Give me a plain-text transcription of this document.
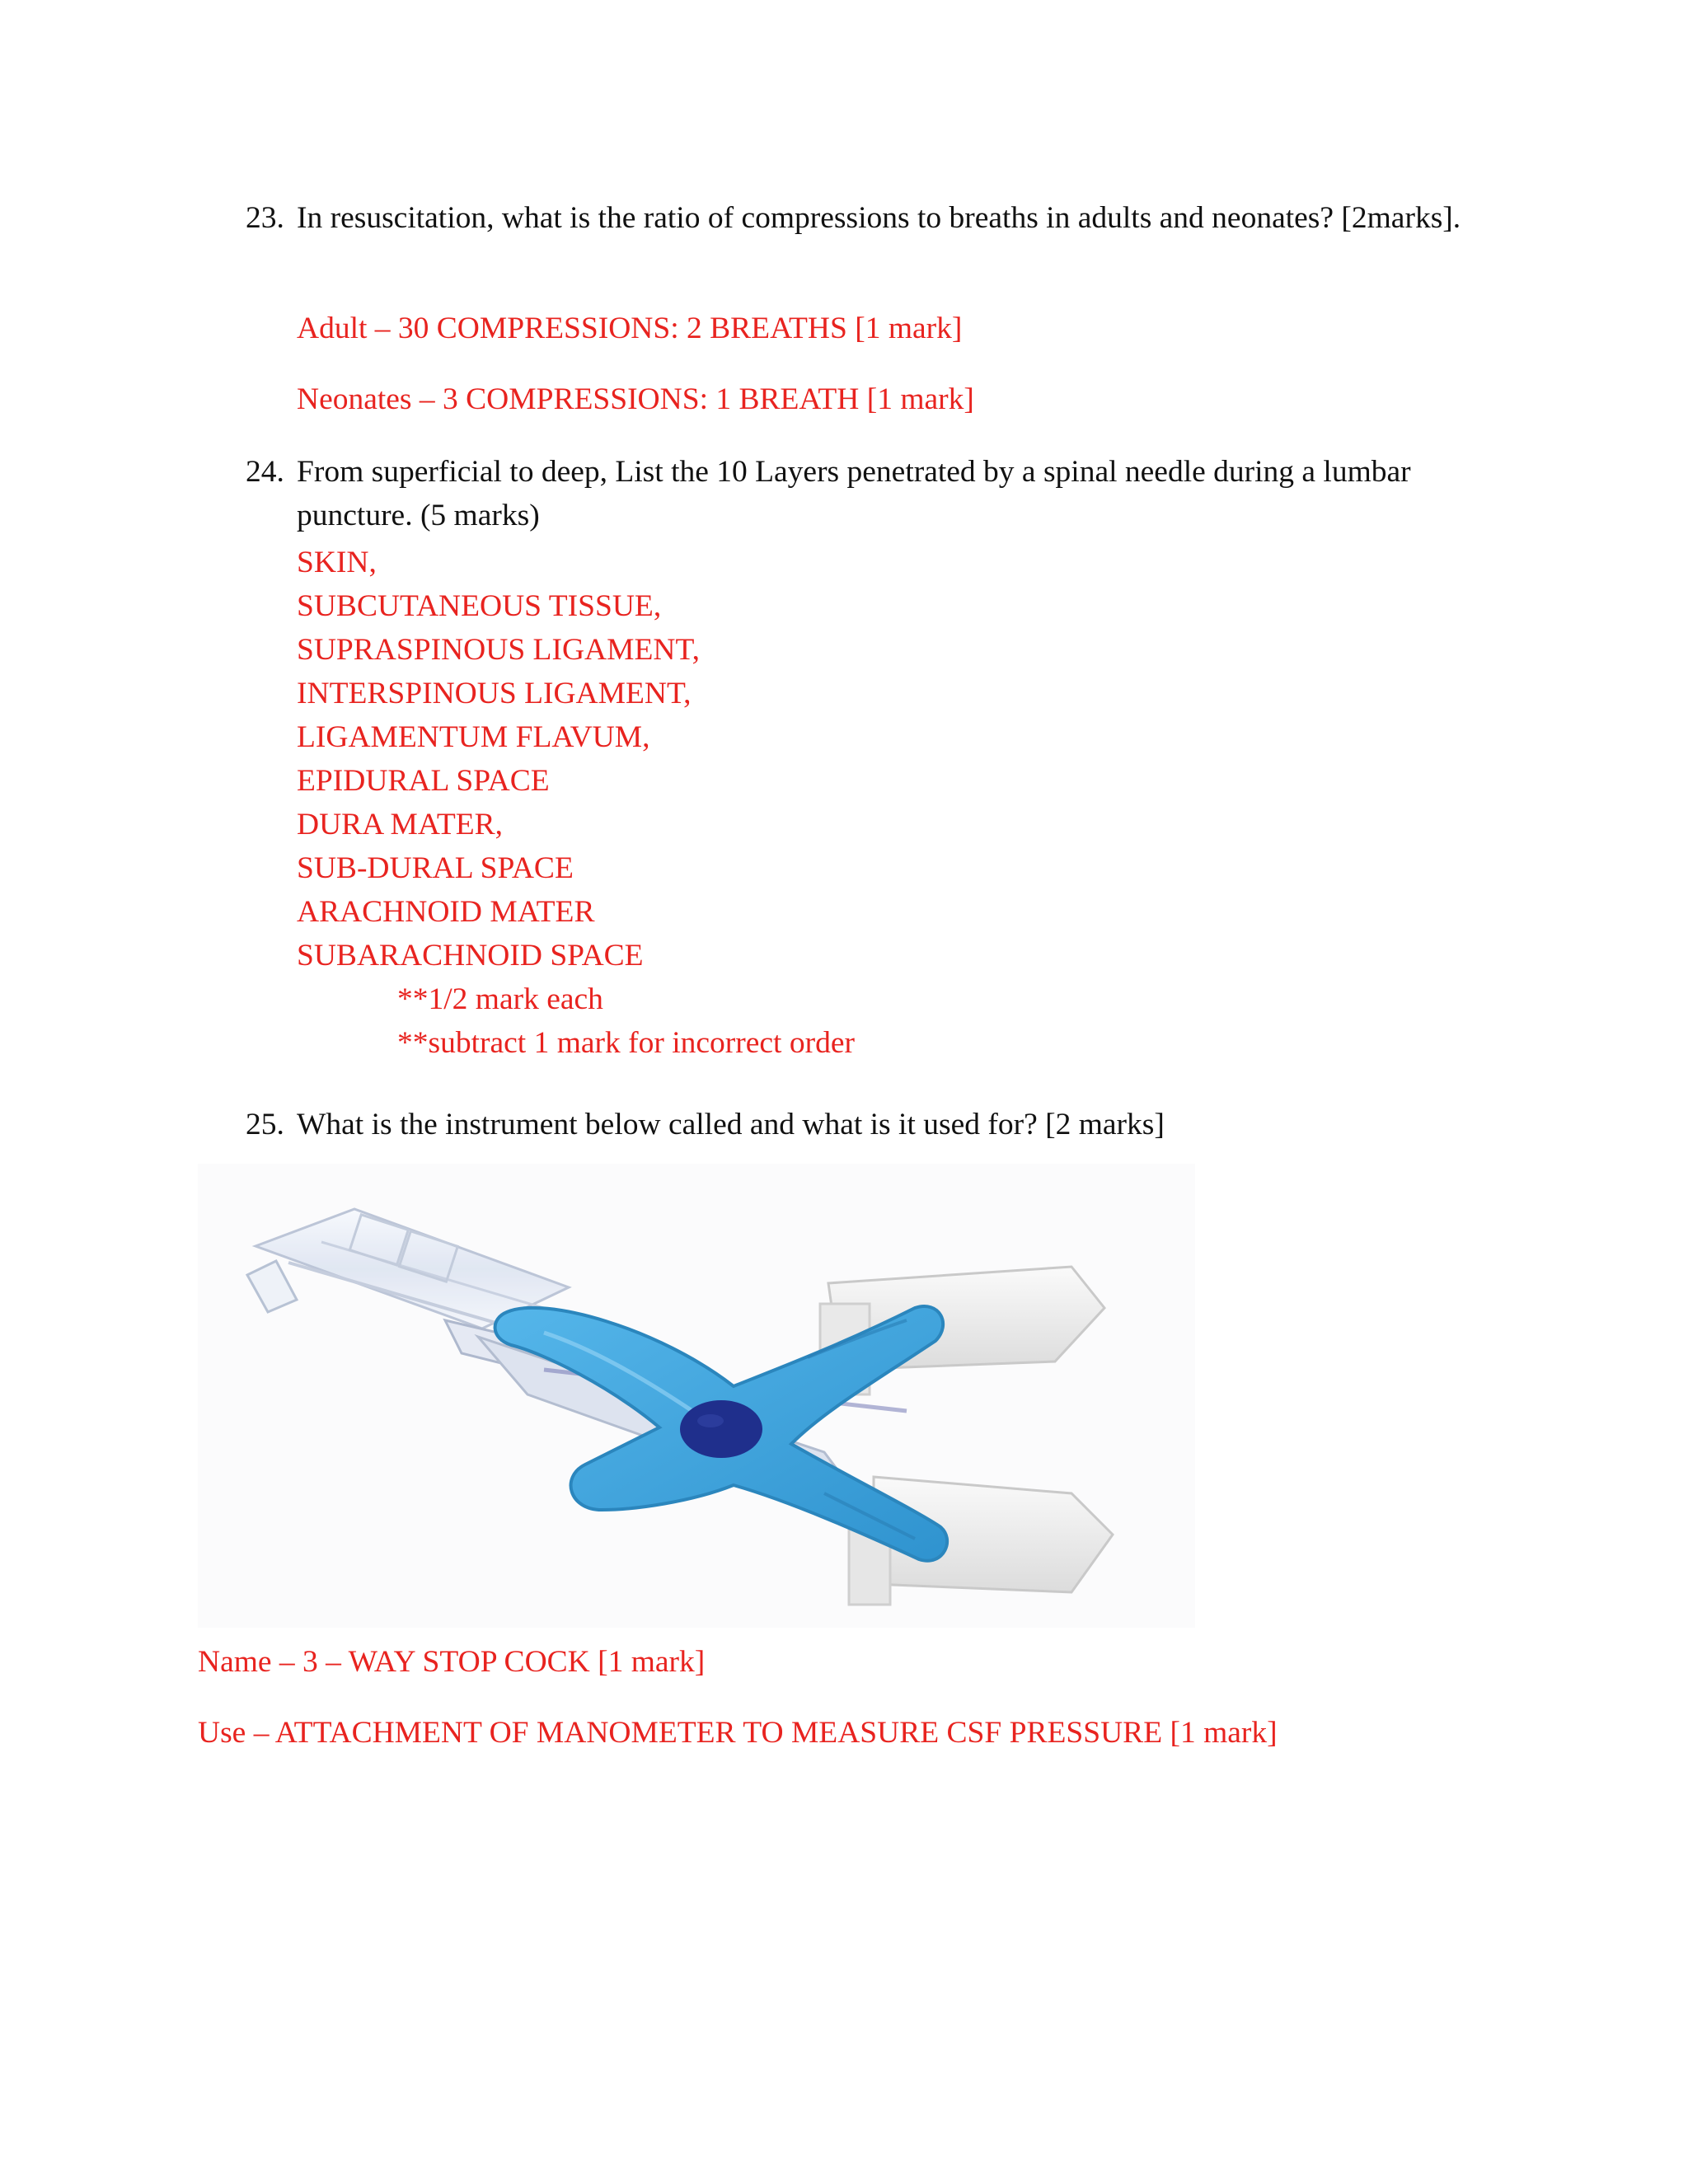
23. In resuscitation, what is the ratio of compressions to breaths in adults and neonates? [2marks].
Adult – 30 COMPRESSIONS: 2 BREATHS [1 mark]
Neonates – 3 COMPRESSIONS: 1 BREATH [1 mark]
24. From superficial to deep, List the 10 Layers penetrated by a spinal needle during a lumbar puncture. (5 marks)
SKIN,
SUBCUTANEOUS TISSUE,
SUPRASPINOUS LIGAMENT,
INTERSPINOUS LIGAMENT,
LIGAMENTUM FLAVUM,
EPIDURAL SPACE
DURA MATER,
SUB-DURAL SPACE
ARACHNOID MATER
SUBARACHNOID SPACE
**1/2 mark each
**subtract 1 mark for incorrect order
25. What is the instrument below called and what is it used for? [2 marks]
Name – 3 – WAY STOP COCK [1 mark]
Use – ATTACHMENT OF MANOMETER TO MEASURE CSF PRESSURE [1 mark]
